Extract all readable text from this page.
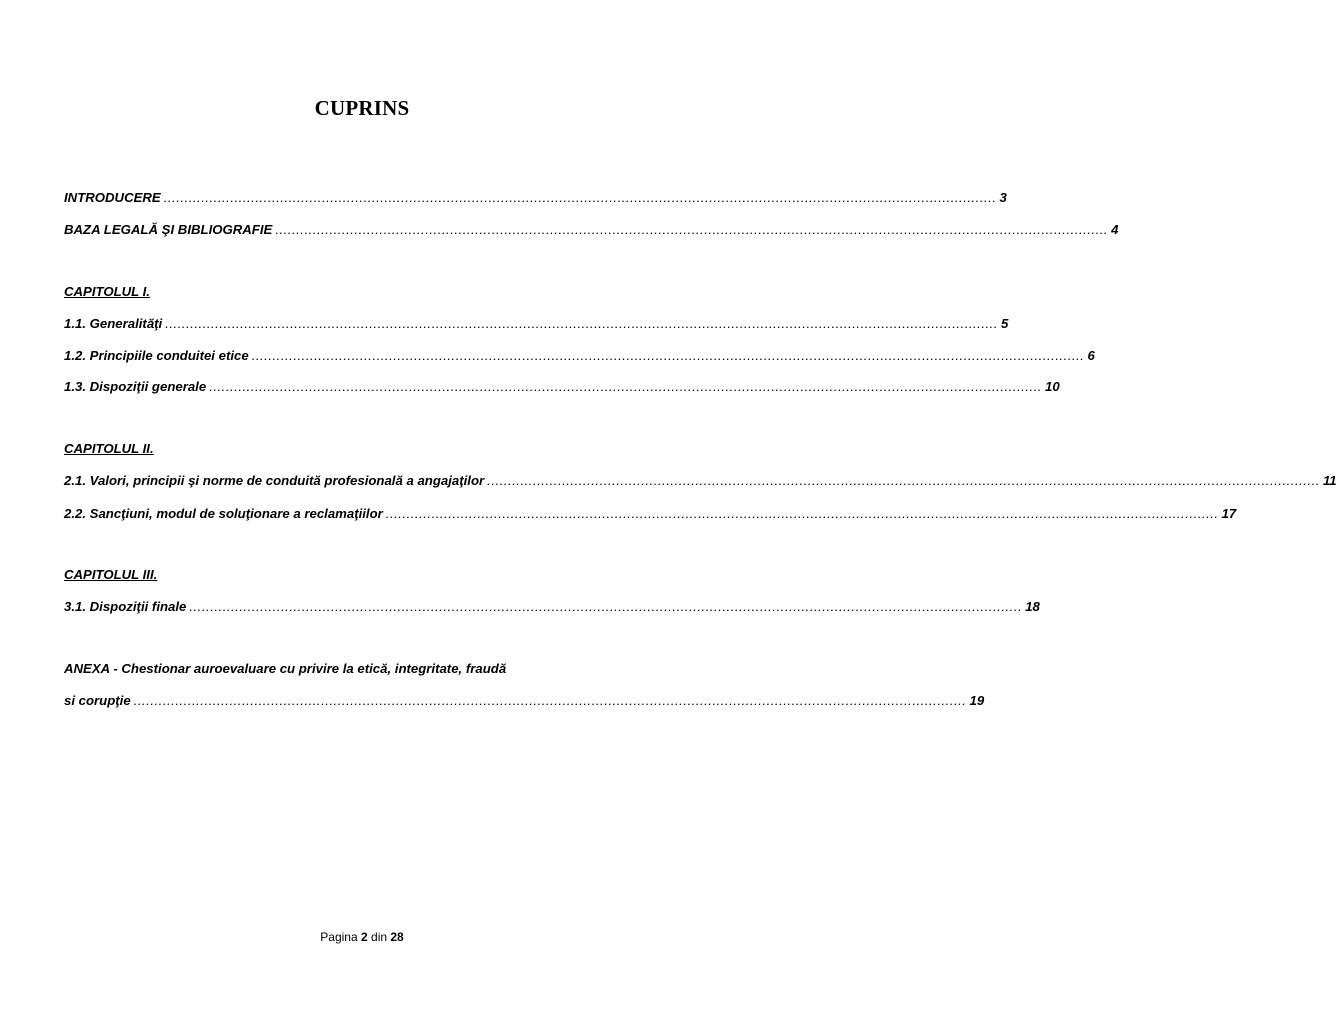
CUPRINS
INTRODUCERE ........................................................................................................................................................................................................ 3
BAZA LEGALĂ ŞI BIBLIOGRAFIE ........................................................................................................................................................................................................ 4
CAPITOLUL I.
1.1. Generalităţi ........................................................................................................................................................................................................ 5
1.2. Principiile conduitei etice ........................................................................................................................................................................................................ 6
1.3. Dispoziţii generale ........................................................................................................................................................................................................ 10
CAPITOLUL II.
2.1. Valori, principii şi norme de conduită profesională a angajaţilor ........................................................................................................................................................................................................ 11
2.2. Sancţiuni, modul de soluţionare a reclamaţiilor ........................................................................................................................................................................................................ 17
CAPITOLUL III.
3.1. Dispoziţii finale ........................................................................................................................................................................................................ 18
ANEXA - Chestionar auroevaluare cu privire la etică, integritate, fraudă
si corupţie ........................................................................................................................................................................................................ 19
Pagina 2 din 28
